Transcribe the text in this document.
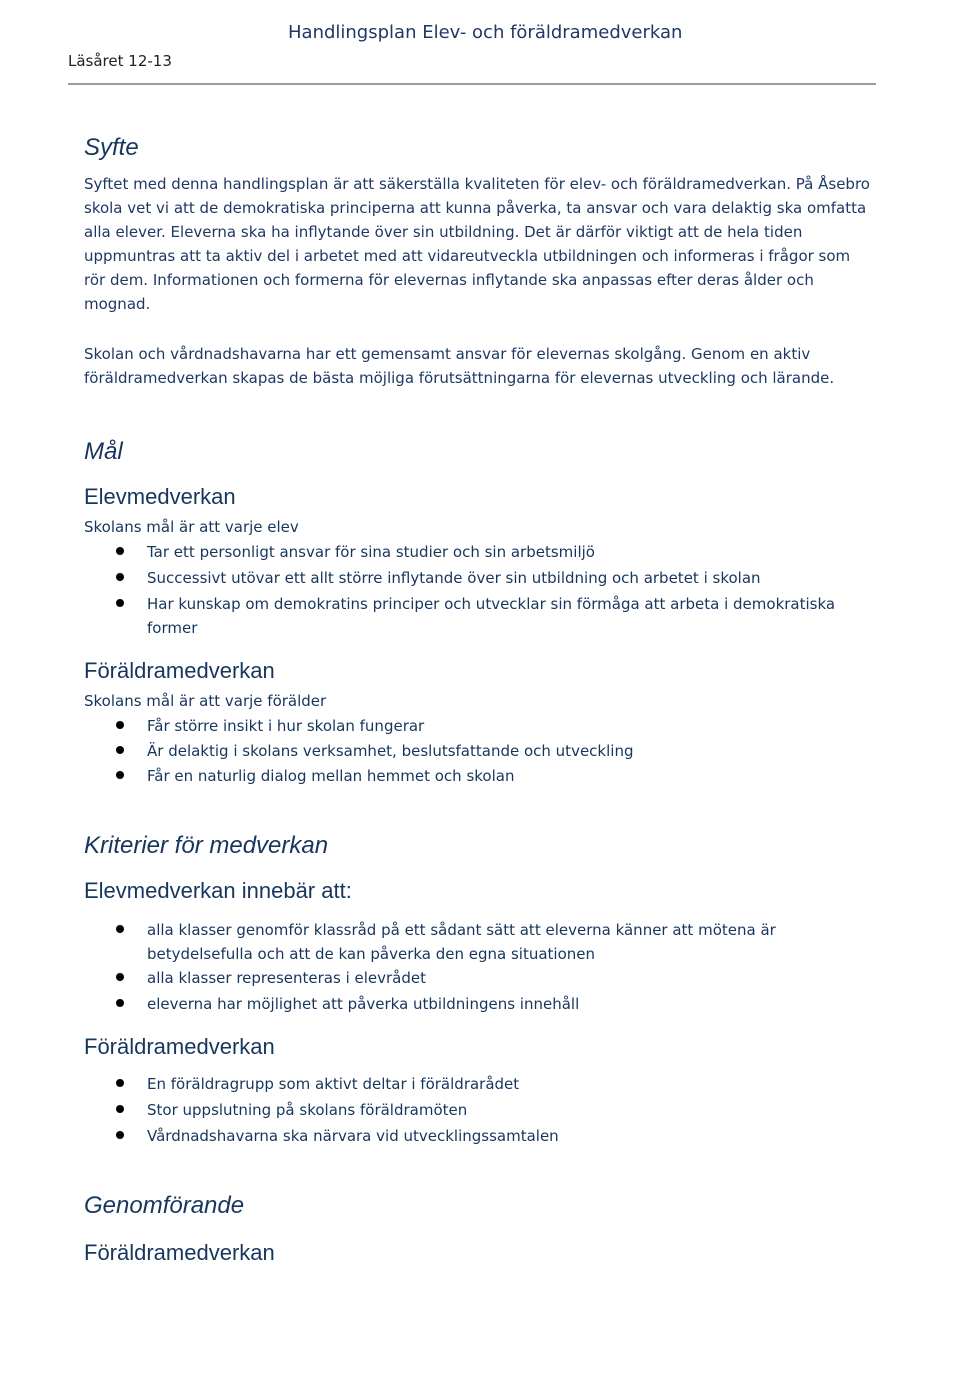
Läsåret 12-13
Handlingsplan Elev- och föräldramedverkan
Syfte

Syftet med denna handlingsplan är att säkerställa kvaliteten för elev- och föräldramedverkan. På Åsebro skola vet vi att de demokratiska principerna att kunna påverka, ta ansvar och vara delaktig ska omfatta alla elever. Eleverna ska ha inflytande över sin utbildning. Det är därför viktigt att de hela tiden uppmuntras att ta aktiv del i arbetet med att vidareutveckla utbildningen och informeras i frågor som rör dem. Informationen och formerna för elevernas inflytande ska anpassas efter deras ålder och mognad.

Skolan och vårdnadshavarna har ett gemensamt ansvar för elevernas skolgång. Genom en aktiv föräldramedverkan skapas de bästa möjliga förutsättningarna för elevernas utveckling och lärande.

Mål
Elevmedverkan
Skolans mål är att varje elev
Tar ett personligt ansvar för sina studier och sin arbetsmiljö
Successivt utövar ett allt större inflytande över sin utbildning och arbetet i skolan
Har kunskap om demokratins principer och utvecklar sin förmåga att arbeta i demokratiska former
Föräldramedverkan
Skolans mål är att varje förälder
Får större insikt i hur skolan fungerar
Är delaktig i skolans verksamhet, beslutsfattande och utveckling
Får en naturlig dialog mellan hemmet och skolan
Kriterier för medverkan
Elevmedverkan innebär att:
alla klasser genomför klassråd på ett sådant sätt att eleverna känner att mötena är betydelsefulla och att de kan påverka den egna situationen
alla klasser representeras i elevrådet
eleverna har möjlighet att påverka utbildningens innehåll
Föräldramedverkan
En föräldragrupp som aktivt deltar i föräldrarådet
Stor uppslutning på skolans föräldramöten
Vårdnadshavarna ska närvara vid utvecklingssamtalen
Genomförande
Föräldramedverkan
